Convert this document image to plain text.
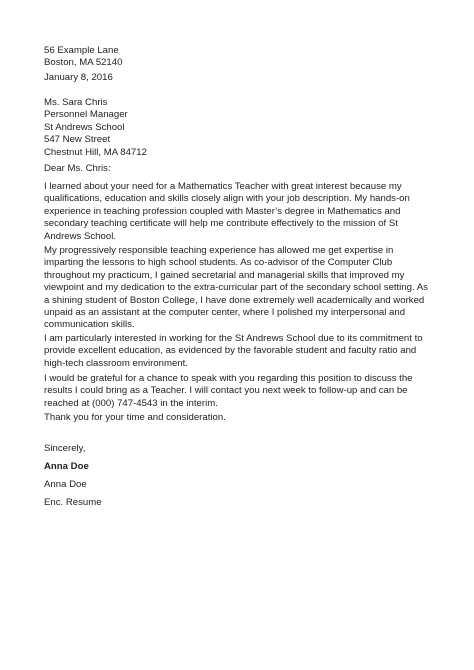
56 Example Lane
Boston, MA 52140
January 8, 2016
Ms. Sara Chris
Personnel Manager
St Andrews School
547 New Street
Chestnut Hill, MA 84712
Dear Ms. Chris:
I learned about your need for a Mathematics Teacher with great interest because my
qualifications, education and skills closely align with your job description. My hands-on
experience in teaching profession coupled with Master’s degree in Mathematics and
secondary teaching certificate will help me contribute effectively to the mission of St
Andrews School.
My progressively responsible teaching experience has allowed me get expertise in
imparting the lessons to high school students. As co-advisor of the Computer Club
throughout my practicum, I gained secretarial and managerial skills that improved my
viewpoint and my dedication to the extra-curricular part of the secondary school setting. As
a shining student of Boston College, I have done extremely well academically and worked
unpaid as an assistant at the computer center, where I polished my interpersonal and
communication skills.
I am particularly interested in working for the St Andrews School due to its commitment to
provide excellent education, as evidenced by the favorable student and faculty ratio and
high-tech classroom environment.
I would be grateful for a chance to speak with you regarding this position to discuss the
results I could bring as a Teacher. I will contact you next week to follow-up and can be
reached at (000) 747-4543 in the interim.
Thank you for your time and consideration.
Sincerely,
Anna Doe
Anna Doe
Enc. Resume
